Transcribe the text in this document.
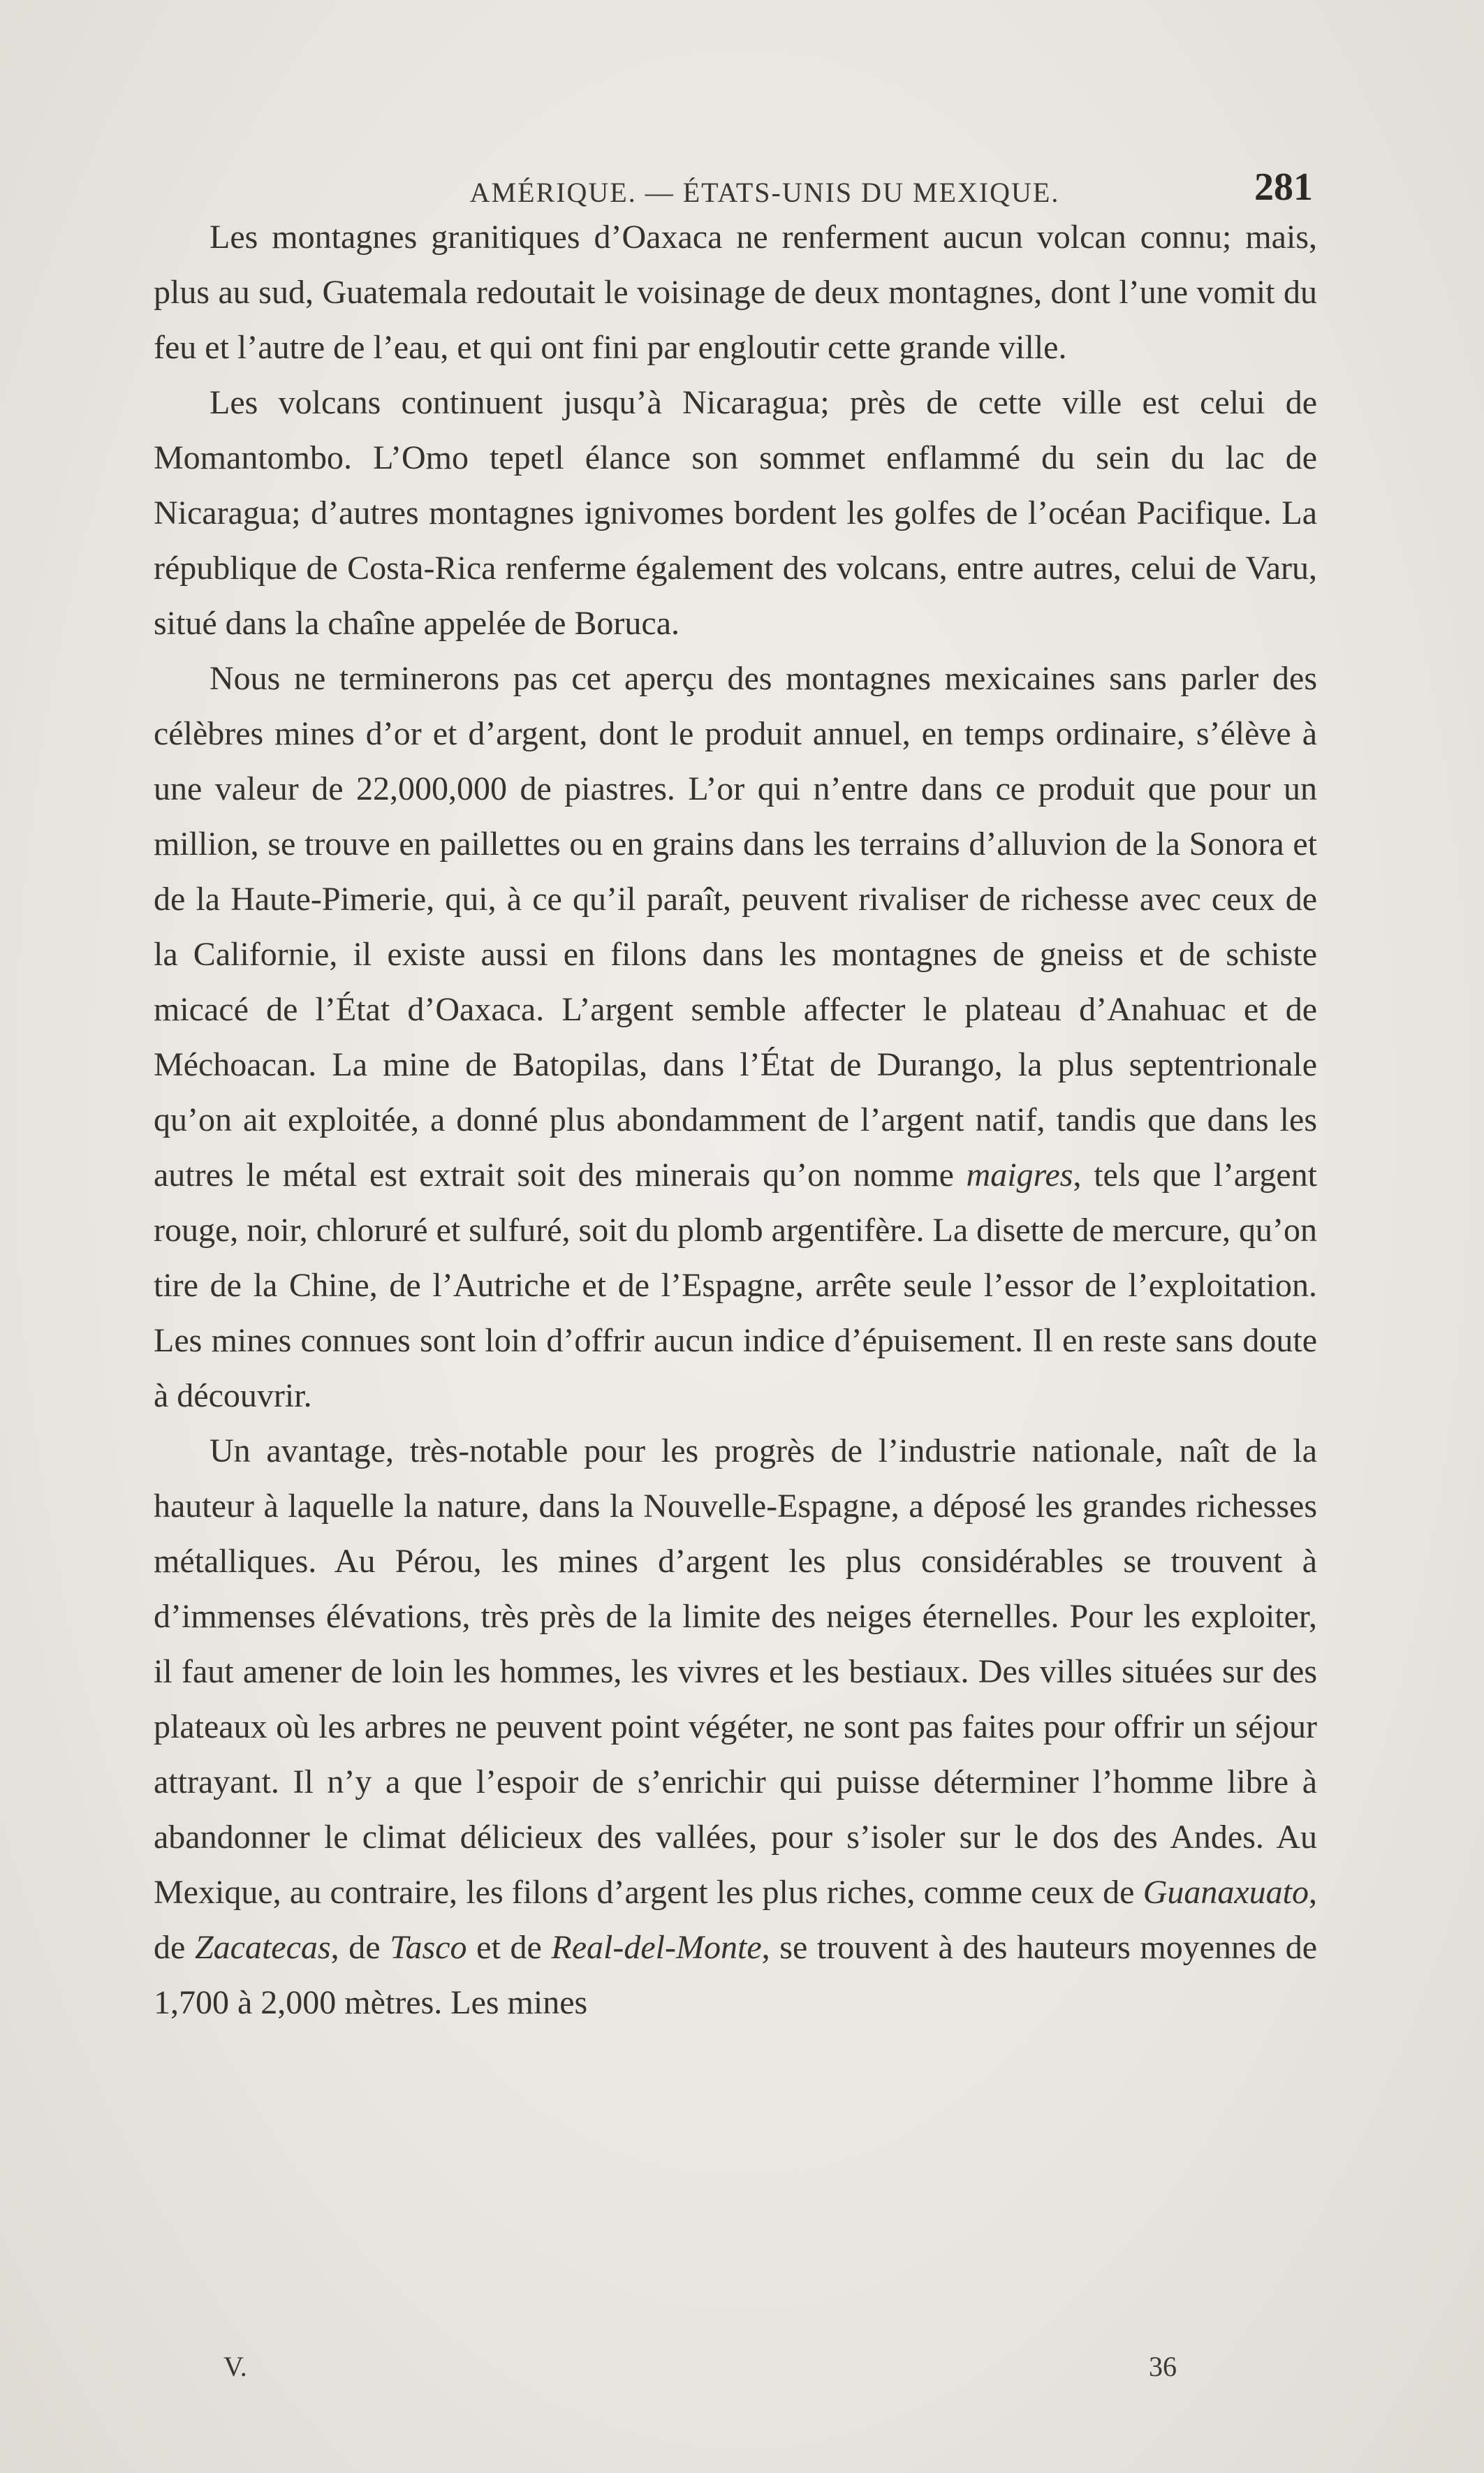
AMÉRIQUE. — ÉTATS-UNIS DU MEXIQUE.	281

Les montagnes granitiques d’Oaxaca ne renferment aucun volcan connu; mais, plus au sud, Guatemala redoutait le voisinage de deux montagnes, dont l’une vomit du feu et l’autre de l’eau, et qui ont fini par engloutir cette grande ville.

Les volcans continuent jusqu’à Nicaragua; près de cette ville est celui de Momantombo. L’Omo tepetl élance son sommet enflammé du sein du lac de Nicaragua; d’autres montagnes ignivomes bordent les golfes de l’océan Pacifique. La république de Costa-Rica renferme également des volcans, entre autres, celui de Varu, situé dans la chaîne appelée de Boruca.

Nous ne terminerons pas cet aperçu des montagnes mexicaines sans parler des célèbres mines d’or et d’argent, dont le produit annuel, en temps ordinaire, s’élève à une valeur de 22,000,000 de piastres. L’or qui n’entre dans ce produit que pour un million, se trouve en paillettes ou en grains dans les terrains d’alluvion de la Sonora et de la Haute-Pimerie, qui, à ce qu’il paraît, peuvent rivaliser de richesse avec ceux de la Californie, il existe aussi en filons dans les montagnes de gneiss et de schiste micacé de l’État d’Oaxaca. L’argent semble affecter le plateau d’Anahuac et de Méchoacan. La mine de Batopilas, dans l’État de Durango, la plus septentrionale qu’on ait exploitée, a donné plus abondamment de l’argent natif, tandis que dans les autres le métal est extrait soit des minerais qu’on nomme maigres, tels que l’argent rouge, noir, chloruré et sulfuré, soit du plomb argentifère. La disette de mercure, qu’on tire de la Chine, de l’Autriche et de l’Espagne, arrête seule l’essor de l’exploitation. Les mines connues sont loin d’offrir aucun indice d’épuisement. Il en reste sans doute à découvrir.

Un avantage, très-notable pour les progrès de l’industrie nationale, naît de la hauteur à laquelle la nature, dans la Nouvelle-Espagne, a déposé les grandes richesses métalliques. Au Pérou, les mines d’argent les plus considérables se trouvent à d’immenses élévations, très près de la limite des neiges éternelles. Pour les exploiter, il faut amener de loin les hommes, les vivres et les bestiaux. Des villes situées sur des plateaux où les arbres ne peuvent point végéter, ne sont pas faites pour offrir un séjour attrayant. Il n’y a que l’espoir de s’enrichir qui puisse déterminer l’homme libre à abandonner le climat délicieux des vallées, pour s’isoler sur le dos des Andes. Au Mexique, au contraire, les filons d’argent les plus riches, comme ceux de Guanaxuato, de Zacatecas, de Tasco et de Real-del-Monte, se trouvent à des hauteurs moyennes de 1,700 à 2,000 mètres. Les mines

V.	36
